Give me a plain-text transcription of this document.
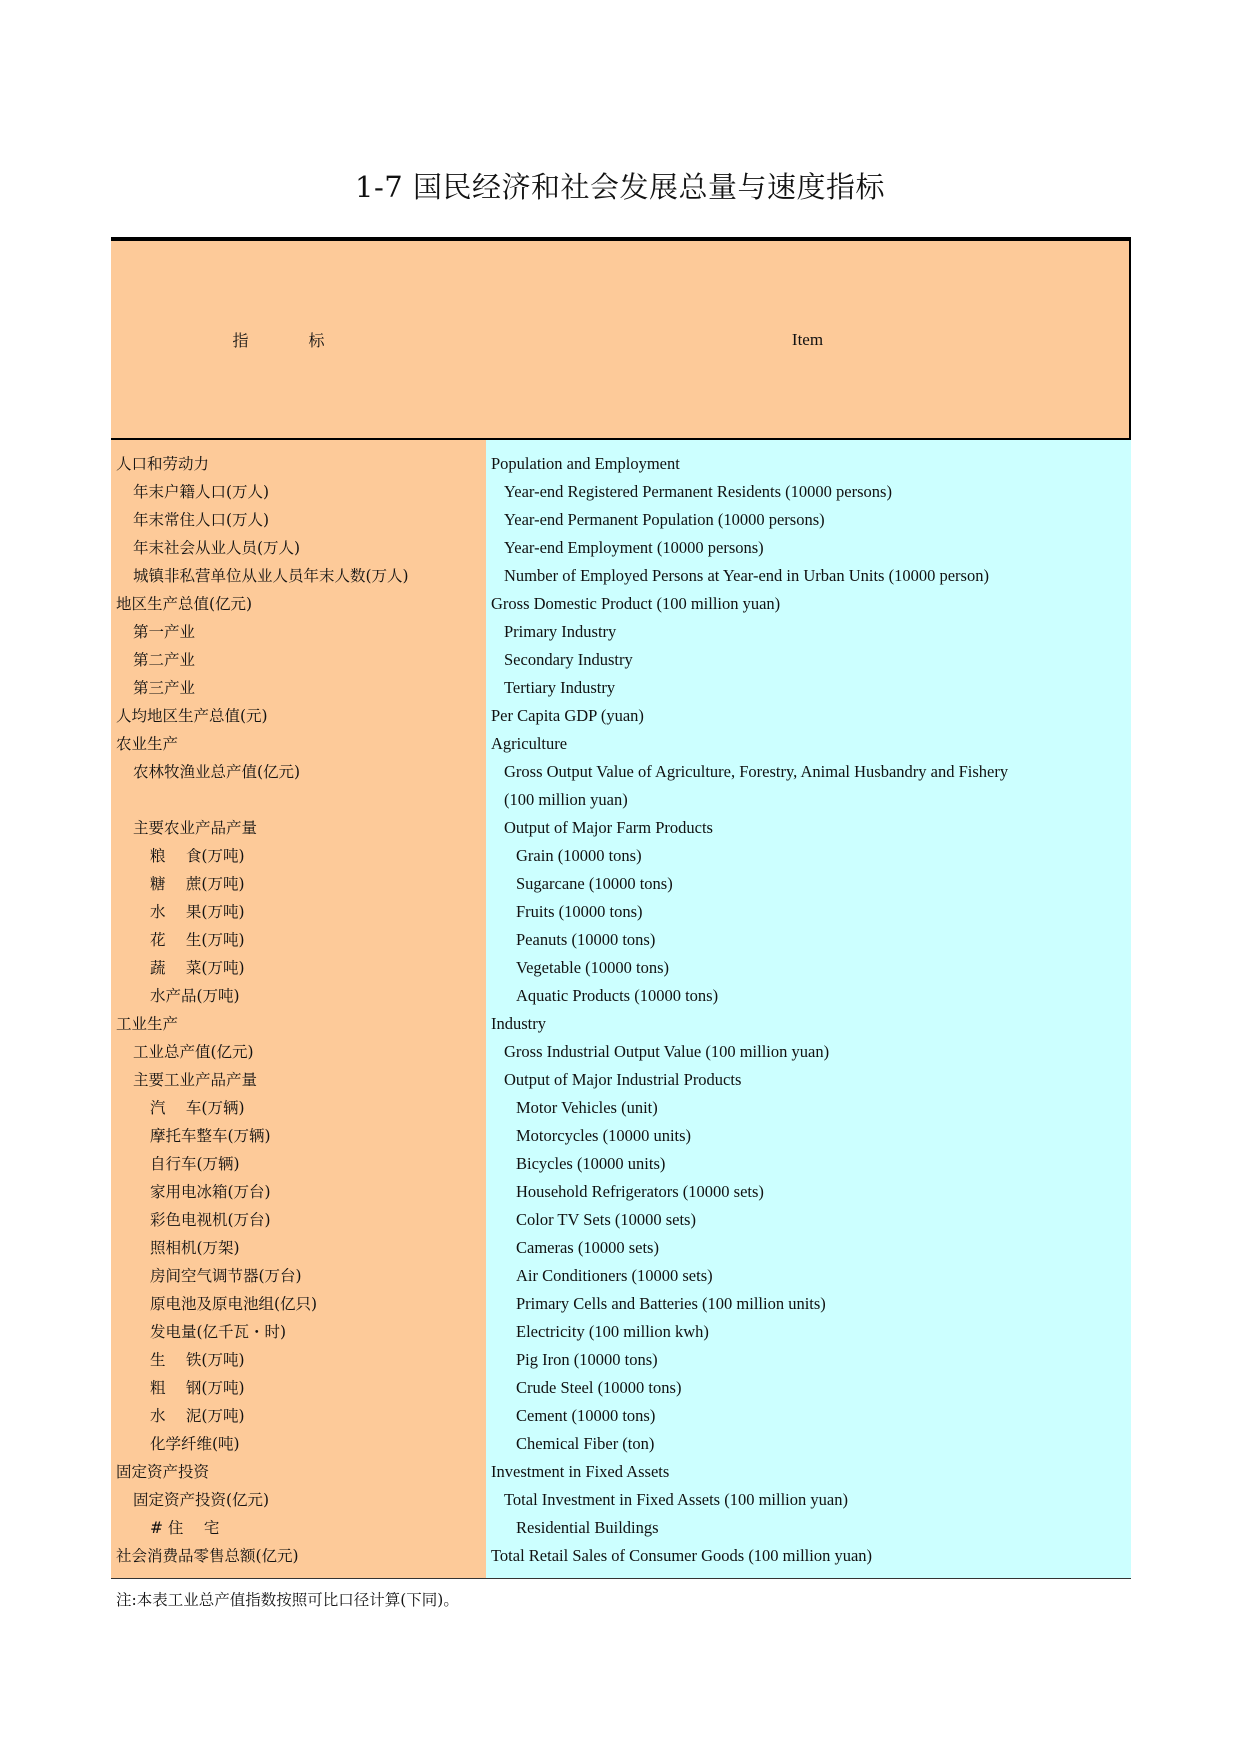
1-7 国民经济和社会发展总量与速度指标
指	标	Item
人口和劳动力
年末户籍人口(万人)
年末常住人口(万人)
年末社会从业人员(万人)
城镇非私营单位从业人员年末人数(万人)
地区生产总值(亿元)
第一产业
第二产业
第三产业
人均地区生产总值(元)
农业生产
农林牧渔业总产值(亿元)
主要农业产品产量
粮　 食(万吨)
糖　 蔗(万吨)
水　 果(万吨)
花　 生(万吨)
蔬　 菜(万吨)
水产品(万吨)
工业生产
工业总产值(亿元)
主要工业产品产量
汽　 车(万辆)
摩托车整车(万辆)
自行车(万辆)
家用电冰箱(万台)
彩色电视机(万台)
照相机(万架)
房间空气调节器(万台)
原电池及原电池组(亿只)
发电量(亿千瓦・时)
生　 铁(万吨)
粗　 钢(万吨)
水　 泥(万吨)
化学纤维(吨)
固定资产投资
固定资产投资(亿元)
# 住　 宅
社会消费品零售总额(亿元)
Population and Employment
Year-end Registered Permanent Residents (10000 persons)
Year-end Permanent Population (10000 persons)
Year-end Employment (10000 persons)
Number of Employed Persons at Year-end in Urban Units (10000 person)
Gross Domestic Product (100 million yuan)
Primary Industry
Secondary Industry
Tertiary Industry
Per Capita GDP (yuan)
Agriculture
Gross Output Value of Agriculture, Forestry, Animal Husbandry and Fishery
(100 million yuan)
Output of Major Farm Products
Grain (10000 tons)
Sugarcane (10000 tons)
Fruits (10000 tons)
Peanuts (10000 tons)
Vegetable (10000 tons)
Aquatic Products (10000 tons)
Industry
Gross Industrial Output Value (100 million yuan)
Output of Major Industrial Products
Motor Vehicles (unit)
Motorcycles (10000 units)
Bicycles (10000 units)
Household Refrigerators (10000 sets)
Color TV Sets (10000 sets)
Cameras (10000 sets)
Air Conditioners (10000 sets)
Primary Cells and Batteries (100 million units)
Electricity (100 million kwh)
Pig Iron (10000 tons)
Crude Steel (10000 tons)
Cement (10000 tons)
Chemical Fiber (ton)
Investment in Fixed Assets
Total Investment in Fixed Assets (100 million yuan)
Residential Buildings
Total Retail Sales of Consumer Goods (100 million yuan)
注:本表工业总产值指数按照可比口径计算(下同)。
